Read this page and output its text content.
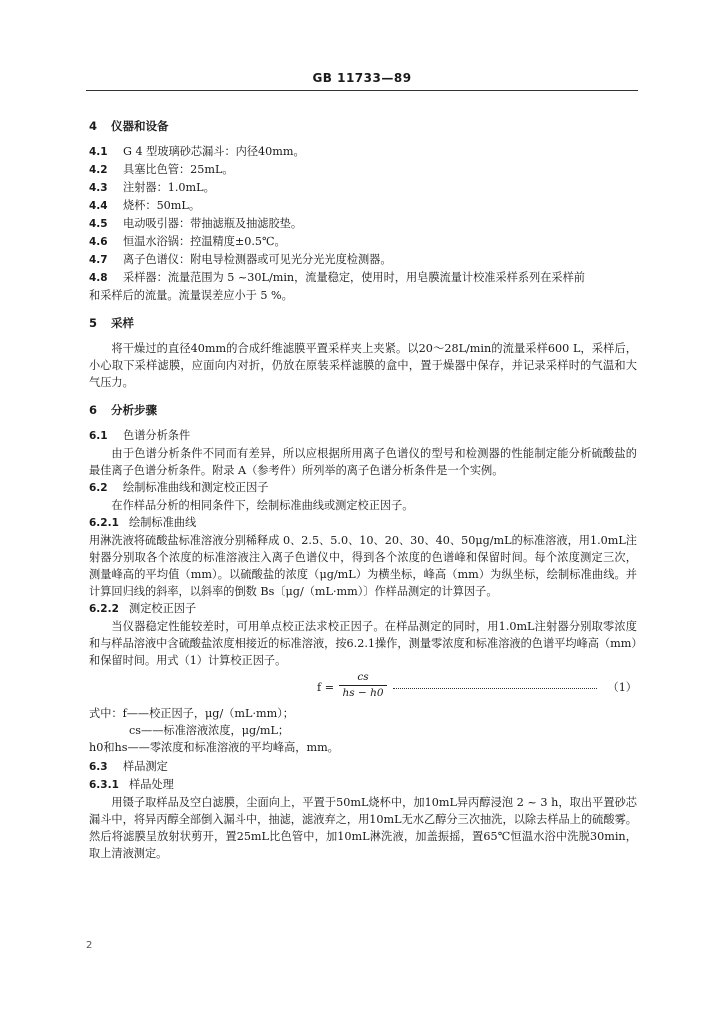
GB 11733—89
4 仪器和设备
4.1 G 4 型玻璃砂芯漏斗：内径40mm。
4.2 具塞比色管：25mL。
4.3 注射器：1.0mL。
4.4 烧杯：50mL。
4.5 电动吸引器：带抽滤瓶及抽滤胶垫。
4.6 恒温水浴锅：控温精度±0.5℃。
4.7 离子色谱仪：附电导检测器或可见光分光光度检测器。
4.8 采样器：流量范围为 5 ~30L/min，流量稳定，使用时，用皂膜流量计校准采样系列在采样前
和采样后的流量。流量误差应小于 5 %。
5 采样
将干燥过的直径40mm的合成纤维滤膜平置采样夹上夹紧。以20～28L/min的流量采样600 L，采样后，小心取下采样滤膜，应面向内对折，仍放在原装采样滤膜的盒中，置于燥器中保存，并记录采样时的气温和大气压力。
6 分析步骤
6.1 色谱分析条件
由于色谱分析条件不同而有差异，所以应根据所用离子色谱仪的型号和检测器的性能制定能分析硫酸盐的最佳离子色谱分析条件。附录 A（参考件）所列举的离子色谱分析条件是一个实例。
6.2 绘制标准曲线和测定校正因子
在作样品分析的相同条件下，绘制标准曲线或测定校正因子。
6.2.1 绘制标准曲线
用淋洗液将硫酸盐标准溶液分别稀释成 0、2.5、5.0、10、20、30、40、50μg/mL的标准溶液，用1.0mL注射器分别取各个浓度的标准溶液注入离子色谱仪中，得到各个浓度的色谱峰和保留时间。每个浓度测定三次，测量峰高的平均值（mm）。以硫酸盐的浓度（μg/mL）为横坐标，峰高（mm）为纵坐标，绘制标准曲线。并计算回归线的斜率，以斜率的倒数 Bs〔μg/（mL·mm）〕作样品测定的计算因子。
6.2.2 测定校正因子
当仪器稳定性能较差时，可用单点校正法求校正因子。在样品测定的同时，用1.0mL注射器分别取零浓度和与样品溶液中含硫酸盐浓度相接近的标准溶液，按6.2.1操作，测量零浓度和标准溶液的色谱平均峰高（mm）和保留时间。用式（1）计算校正因子。
f =
cs
hs − h0	（1）
式中：f——校正因子，μg/（mL·mm）；
cs——标准溶液浓度，μg/mL；
h0和hs——零浓度和标准溶液的平均峰高，mm。
6.3 样品测定
6.3.1 样品处理
用镊子取样品及空白滤膜，尘面向上，平置于50mL烧杯中，加10mL异丙醇浸泡 2 ~ 3 h，取出平置砂芯漏斗中，将异丙醇全部倒入漏斗中，抽滤，滤液弃之，用10mL无水乙醇分三次抽洗，以除去样品上的硫酸雾。然后将滤膜呈放射状剪开，置25mL比色管中，加10mL淋洗液，加盖振摇，置65℃恒温水浴中洗脱30min，取上清液测定。
2
